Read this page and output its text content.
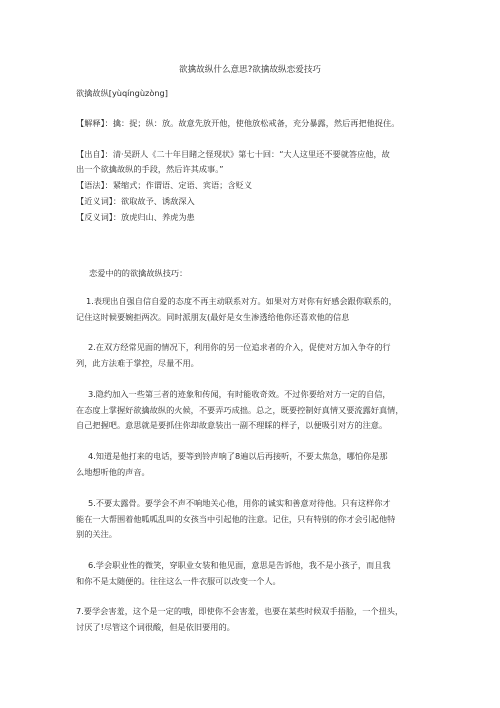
欲擒故纵什么意思?欲擒故纵恋爱技巧
欲擒故纵[yùqíngùzòng]
【解释】：擒：捉；纵：放。故意先放开他，使他放松戒备，充分暴露，然后再把他捉住。
【出自】：清·吴趼人《二十年目睹之怪现状》第七十回：“大人这里还不要就答应他，故
出一个欲擒故纵的手段，然后许其成事。”
【语法】：紧缩式；作谓语、定语、宾语；含贬义
【近义词】：欲取故予、诱敌深入
【反义词】：放虎归山、养虎为患
恋爱中的的欲擒故纵技巧：

1.表现出自强自信自爱的态度不再主动联系对方。如果对方对你有好感会跟你联系的，

记住这时候要婉拒两次。同时派朋友(最好是女生渗透给他你还喜欢他的信息

2.在双方经常见面的情况下，利用你的另一位追求者的介入，促使对方加入争夺的行

列，此方法难于掌控，尽量不用。

3.隐约加入一些第三者的迹象和传闻，有时能收奇效。不过你要给对方一定的自信，

在态度上掌握好欲擒故纵的火候，不要弄巧成拙。总之，既要控制好真情又要流露好真情，

自己把握吧。意思就是要抓住你却故意装出一副不理睬的样子，以便吸引对方的注意。

4.知道是他打来的电话，要等到铃声响了8遍以后再接听，不要太焦急，哪怕你是那

么地想听他的声音。

5.不要太露骨。要学会不声不响地关心他，用你的诚实和善意对待他。只有这样你才

能在一大帮围着他呱呱乱叫的女孩当中引起他的注意。记住，只有特别的你才会引起他特

别的关注。

6.学会职业性的微笑，穿职业女装和他见面，意思是告诉他，我不是小孩子，而且我

和你不是太随便的。往往这么一件衣服可以改变一个人。

7.要学会害羞，这个是一定的哦，即使你不会害羞，也要在某些时候双手捂脸，一个扭头，

讨厌了!尽管这个词很酸，但是依旧要用的。
